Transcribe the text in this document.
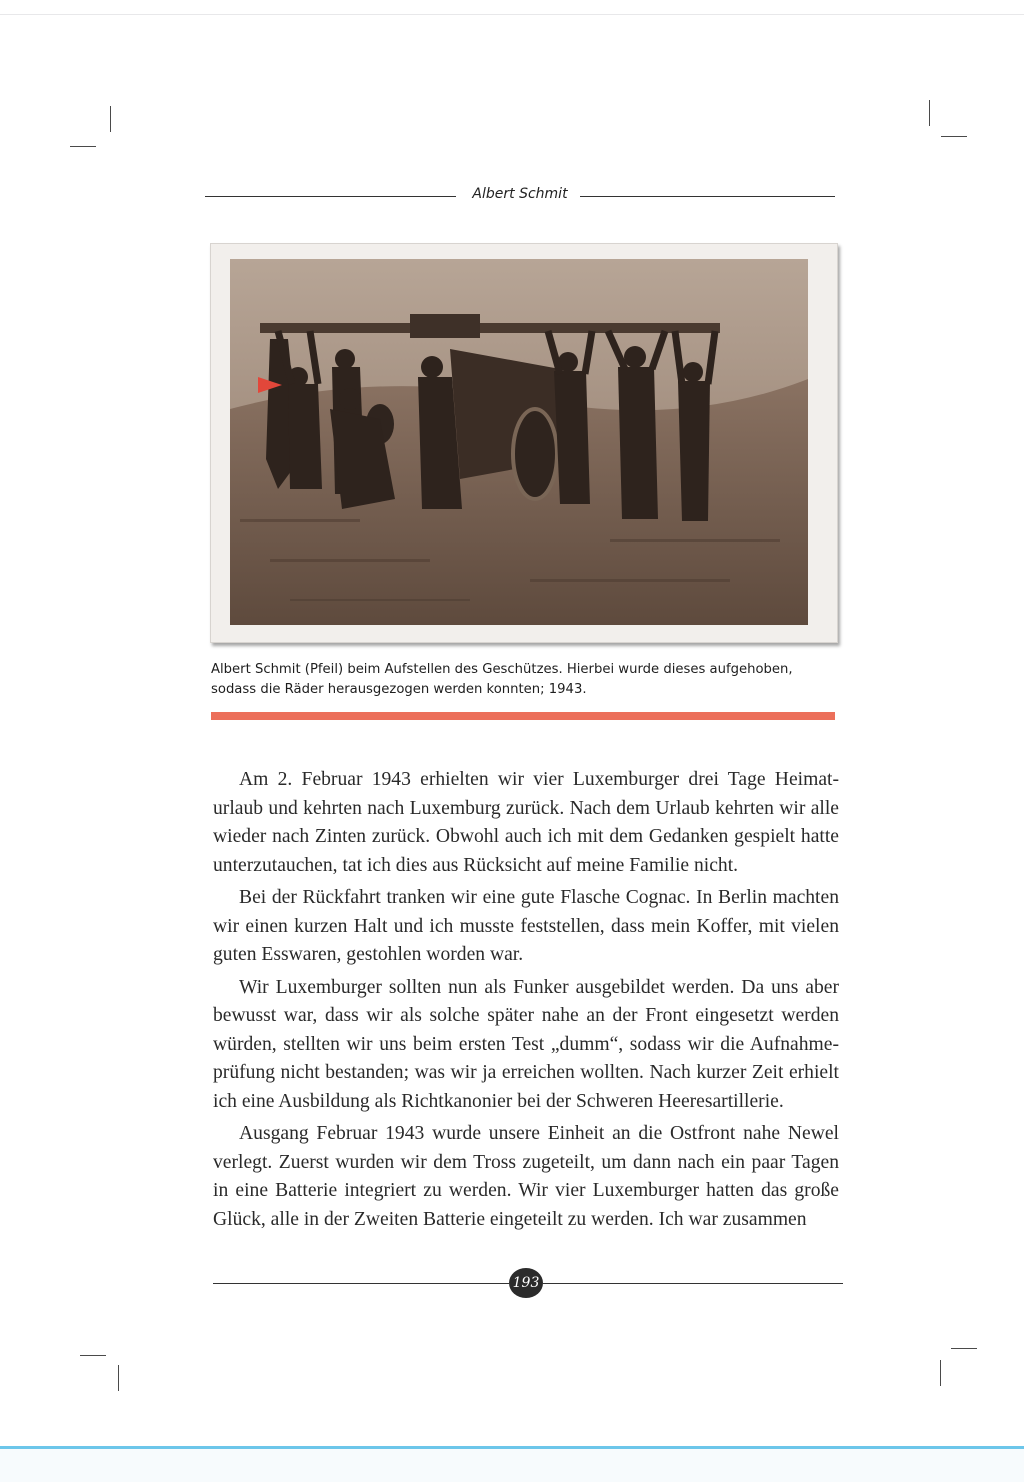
Albert Schmit
Albert Schmit (Pfeil) beim Aufstellen des Geschützes. Hierbei wurde dieses aufgehoben, sodass die Räder herausgezogen werden konnten; 1943.

Am 2. Februar 1943 erhielten wir vier Luxemburger drei Tage Heimaturlaub und kehrten nach Luxemburg zurück. Nach dem Urlaub kehrten wir alle wieder nach Zinten zurück. Obwohl auch ich mit dem Gedanken gespielt hatte unterzutauchen, tat ich dies aus Rücksicht auf meine Familie nicht.

Bei der Rückfahrt tranken wir eine gute Flasche Cognac. In Berlin machten wir einen kurzen Halt und ich musste feststellen, dass mein Koffer, mit vielen guten Esswaren, gestohlen worden war.

Wir Luxemburger sollten nun als Funker ausgebildet werden. Da uns aber bewusst war, dass wir als solche später nahe an der Front eingesetzt werden würden, stellten wir uns beim ersten Test „dumm“, sodass wir die Aufnahmeprüfung nicht bestanden; was wir ja erreichen wollten. Nach kurzer Zeit erhielt ich eine Ausbildung als Richtkanonier bei der Schweren Heeresartillerie.

Ausgang Februar 1943 wurde unsere Einheit an die Ostfront nahe Newel verlegt. Zuerst wurden wir dem Tross zugeteilt, um dann nach ein paar Tagen in eine Batterie integriert zu werden. Wir vier Luxemburger hatten das große Glück, alle in der Zweiten Batterie eingeteilt zu werden. Ich war zusammen

193
